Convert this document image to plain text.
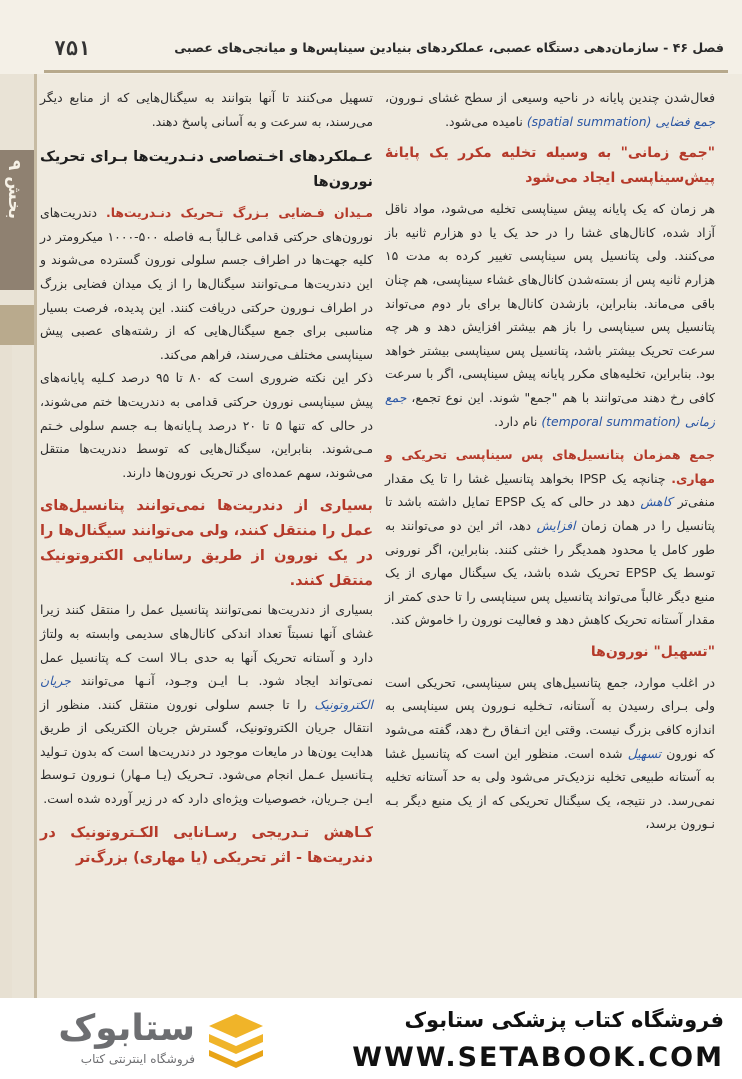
۷۵۱	فصل ۴۶ - سازمان‌دهی دستگاه عصبی، عملکردهای بنیادین سیناپس‌ها و میانجی‌های عصبی
بخش ۹

فعال‌شدن چندین پایانه در ناحیه وسیعی از سطح غشای نـورون، جمع فضایی (spatial summation) نامیده می‌شود.

"جمع زمانی" به وسیله تخلیه مکرر یک پایانهٔ پیش‌سیناپسی ایجاد می‌شود

هر زمان که یک پایانه پیش سیناپسی تخلیه می‌شود، مواد ناقل آزاد شده، کانال‌های غشا را در حد یک یا دو هزارم ثانیه باز می‌کنند. ولی پتانسیل پس سیناپسی تغییر کرده به مدت ۱۵ هزارم ثانیه پس از بسته‌شدن کانال‌های غشاء سیناپسی، هم چنان باقی می‌ماند. بنابراین، بازشدن کانال‌ها برای بار دوم می‌تواند پتانسیل پس سیناپسی را باز هم بیشتر افزایش دهد و هر چه سرعت تحریک بیشتر باشد، پتانسیل پس سیناپسی بیشتر خواهد بود. بنابراین، تخلیه‌های مکرر پایانه پیش سیناپسی، اگر با سرعت کافی رخ دهند می‌توانند با هم "جمع" شوند. این نوع تجمع، جمع زمانی (temporal summation) نام دارد.

جمع همزمان پتانسیل‌های پس سیناپسی تحریکی و مهاری. چنانچه یک IPSP بخواهد پتانسیل غشا را تا یک مقدار منفی‌تر کاهش دهد در حالی که یک EPSP تمایل داشته باشد تا پتانسیل را در همان زمان افزایش دهد، اثر این دو می‌توانند به طور کامل یا محدود همدیگر را خنثی کنند. بنابراین، اگر نورونی توسط یک EPSP تحریک شده باشد، یک سیگنال مهاری از یک منبع دیگر غالباً می‌تواند پتانسیل پس سیناپسی را تا حدی کمتر از مقدار آستانه تحریک کاهش دهد و فعالیت نورون را خاموش کند.

"تسهیل" نورون‌ها

در اغلب موارد، جمع پتانسیل‌های پس سیناپسی، تحریکی است ولی بـرای رسیدن به آستانه، تـخلیه نـورون پس سیناپسی به اندازه کافی بزرگ نیست. وقتی این اتـفاق رخ دهد، گفته می‌شود که نورون تسهیل شده است. منظور این است که پتانسیل غشا به آستانه طبیعی تخلیه نزدیک‌تر می‌شود ولی به حد آستانه تخلیه نمی‌رسد. در نتیجه، یک سیگنال تحریکی که از یک منبع دیگر بـه نـورون برسد،

تسهیل می‌کنند تا آنها بتوانند به سیگنال‌هایی که از منابع دیگر می‌رسند، به سرعت و به آسانی پاسخ دهند.

عـملکردهای اخـتصاصی دنـدریت‌ها بـرای تحریک نورون‌ها

مـیدان فـضایی بـزرگ تـحریک دنـدریت‌ها. دندریت‌های نورون‌های حرکتی قدامی غـالباً بـه فاصله ۵۰۰-۱۰۰۰ میکرومتر در کلیه جهت‌ها در اطراف جسم سلولی نورون گسترده می‌شوند و این دندریت‌ها مـی‌توانند سیگنال‌ها را از یک میدان فضایی بزرگ در اطراف نـورون حرکتی دریافت کنند. این پدیده، فرصت بسیار مناسبی برای جمع سیگنال‌هایی که از رشته‌های عصبی پیش سیناپسی مختلف می‌رسند، فراهم می‌کند.

ذکر این نکته ضروری است که ۸۰ تا ۹۵ درصد کـلیه پایانه‌های پیش سیناپسی نورون حرکتی قدامی به دندریت‌ها ختم می‌شوند، در حالی که تنها ۵ تا ۲۰ درصد پـایانه‌ها بـه جسم سلولی خـتم مـی‌شوند. بنابراین، سیگنال‌هایی که توسط دندریت‌ها منتقل می‌شوند، سهم عمده‌ای در تحریک نورون‌ها دارند.

بسیاری از دندریت‌ها نمی‌توانند پتانسیل‌های عمل را منتقل کنند، ولی می‌توانند سیگنال‌ها را در یک نورون از طریق رسانایی الکتروتونیک منتقل کنند.

بسیاری از دندریت‌ها نمی‌توانند پتانسیل عمل را منتقل کنند زیرا غشای آنها نسبتاً تعداد اندکی کانال‌های سدیمی وابسته به ولتاژ دارد و آستانه تحریک آنها به حدی بـالا است کـه پتانسیل عمل نمی‌تواند ایجاد شود. بـا ایـن وجـود، آنـها می‌توانند جریان الکتروتونیک را تا جسم سلولی نورون منتقل کنند. منظور از انتقال جریان الکتروتونیک، گسترش جریان الکتریکی از طریق هدایت یون‌ها در مایعات موجود در دندریت‌ها است که بدون تـولید پـتانسیل عـمل انجام می‌شود. تـحریک (یـا مـهار) نـورون تـوسط ایـن جـریان، خصوصیات ویژه‌ای دارد که در زیر آورده شده است.

کـاهش تـدریجی رسـانایی الکـتروتونیک در دندریت‌ها - اثر تحریکی (یا مهاری) بزرگ‌تر
ستابوک
فروشگاه اینترنتی کتاب
فروشگاه کتاب پزشکی ستابوک
WWW.SETABOOK.COM
